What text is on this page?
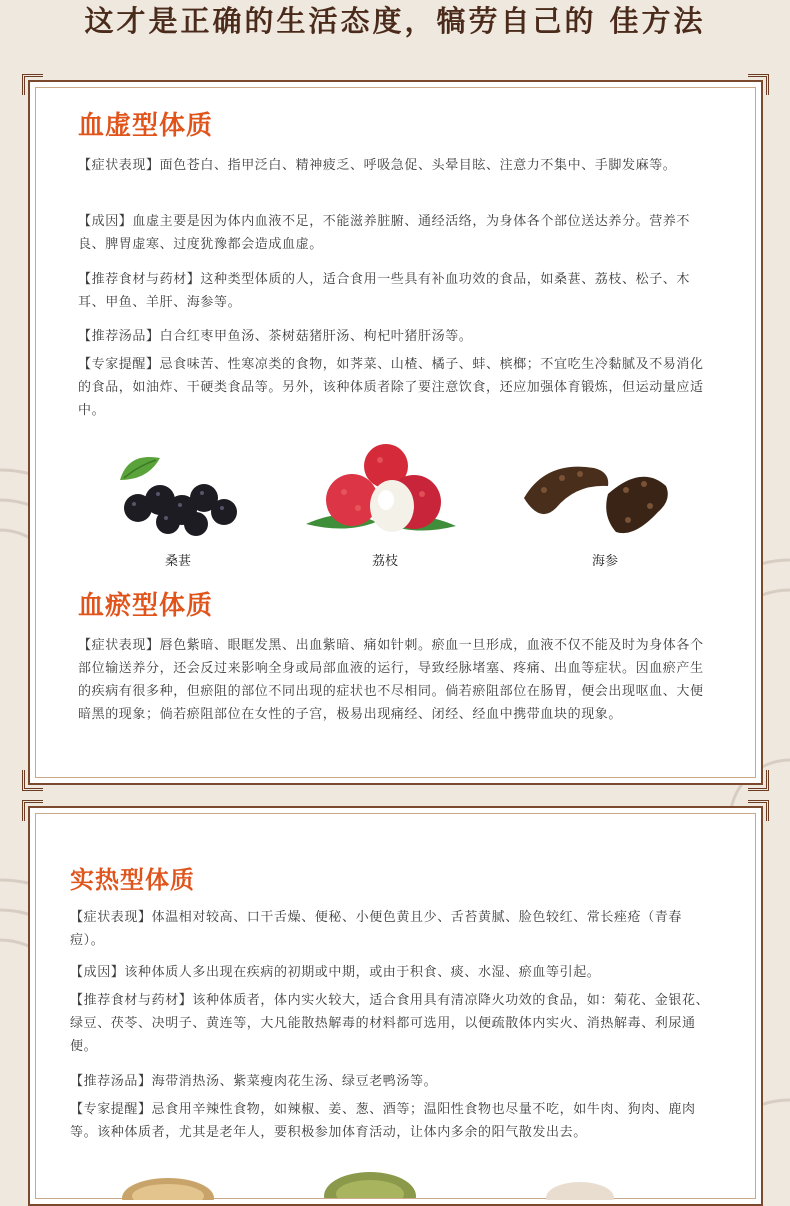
这才是正确的生活态度，犒劳自己的 佳方法
血虚型体质

【症状表现】面色苍白、指甲泛白、精神疲乏、呼吸急促、头晕目眩、注意力不集中、手脚发麻等。

【成因】血虚主要是因为体内血液不足，不能滋养脏腑、通经活络，为身体各个部位送达养分。营养不良、脾胃虚寒、过度犹豫都会造成血虚。

【推荐食材与药材】这种类型体质的人，适合食用一些具有补血功效的食品，如桑葚、荔枝、松子、木耳、甲鱼、羊肝、海参等。

【推荐汤品】白合红枣甲鱼汤、茶树菇猪肝汤、枸杞叶猪肝汤等。

【专家提醒】忌食味苦、性寒凉类的食物，如荠菜、山楂、橘子、蚌、槟榔；不宜吃生冷黏腻及不易消化的食品，如油炸、干硬类食品等。另外，该种体质者除了要注意饮食，还应加强体育锻炼，但运动量应适中。

桑葚	荔枝	海参
血瘀型体质

【症状表现】唇色紫暗、眼眶发黑、出血紫暗、痛如针刺。瘀血一旦形成，血液不仅不能及时为身体各个部位输送养分，还会反过来影响全身或局部血液的运行，导致经脉堵塞、疼痛、出血等症状。因血瘀产生的疾病有很多种，但瘀阻的部位不同出现的症状也不尽相同。倘若瘀阻部位在肠胃，便会出现呕血、大便暗黑的现象；倘若瘀阻部位在女性的子宫，极易出现痛经、闭经、经血中携带血块的现象。

实热型体质

【症状表现】体温相对较高、口干舌燥、便秘、小便色黄且少、舌苔黄腻、脸色较红、常长痤疮（青春痘）。

【成因】该种体质人多出现在疾病的初期或中期，或由于积食、痰、水湿、瘀血等引起。

【推荐食材与药材】该种体质者，体内实火较大，适合食用具有清凉降火功效的食品，如：菊花、金银花、绿豆、茯苓、决明子、黄连等，大凡能散热解毒的材料都可选用，以便疏散体内实火、消热解毒、利尿通便。

【推荐汤品】海带消热汤、紫菜瘦肉花生汤、绿豆老鸭汤等。

【专家提醒】忌食用辛辣性食物，如辣椒、姜、葱、酒等；温阳性食物也尽量不吃，如牛肉、狗肉、鹿肉等。该种体质者，尤其是老年人，要积极参加体育活动，让体内多余的阳气散发出去。
